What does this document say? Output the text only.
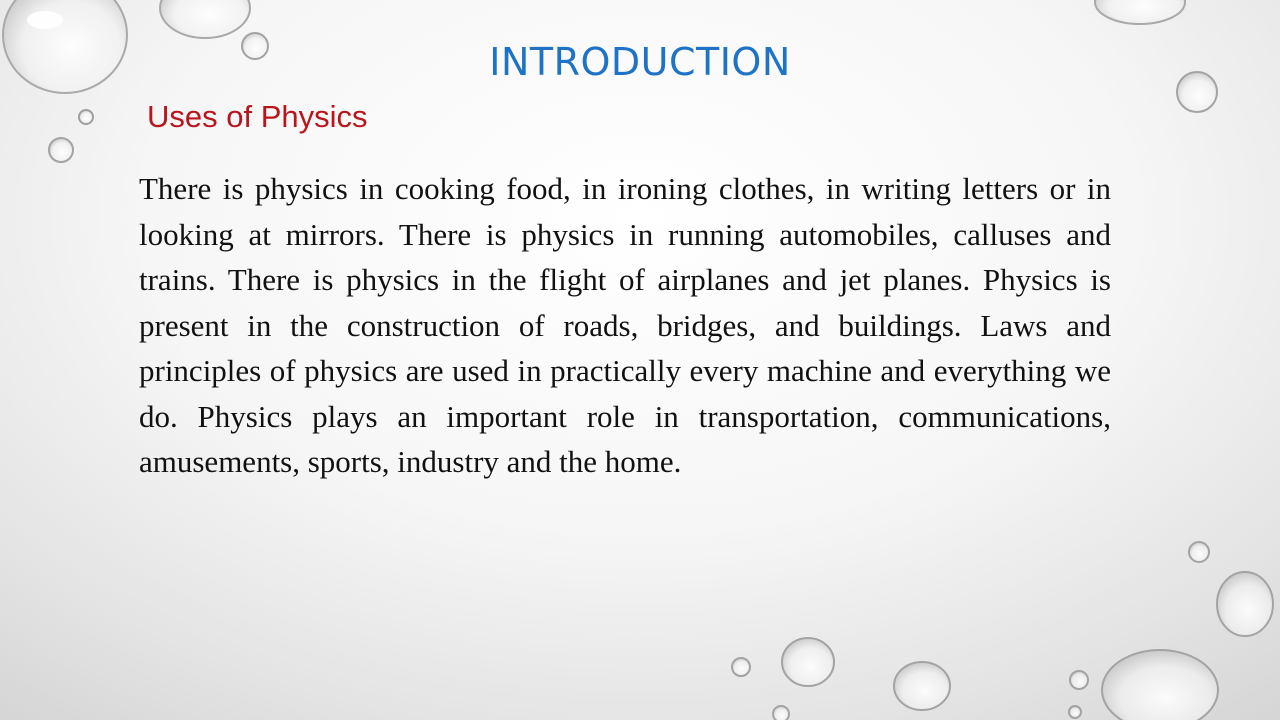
INTRODUCTION
Uses of Physics

There is physics in cooking food, in ironing clothes, in writing letters or in looking at mirrors. There is physics in running automobiles, calluses and trains. There is physics in the flight of airplanes and jet planes. Physics is present in the construction of roads, bridges, and buildings. Laws and principles of physics are used in practically every machine and everything we do. Physics plays an important role in transportation, communications, amusements, sports, industry and the home.
